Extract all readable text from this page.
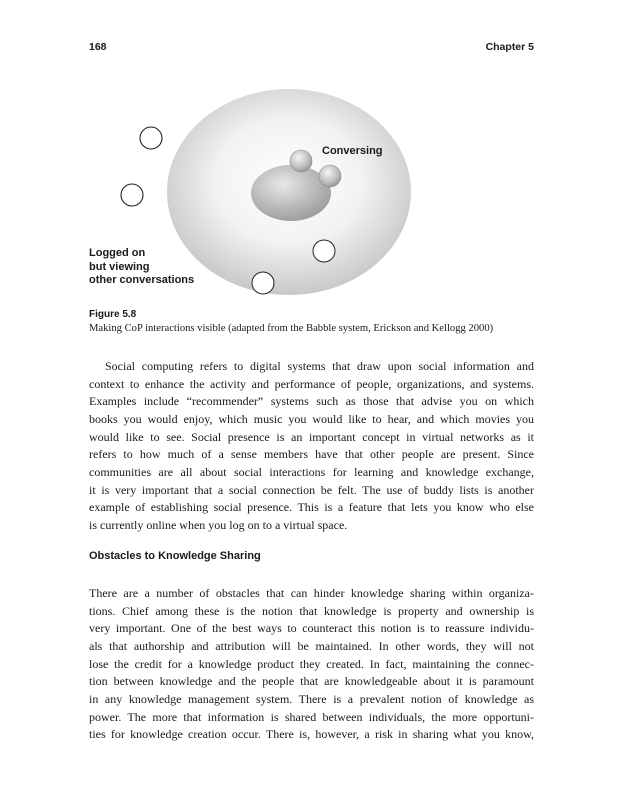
168	Chapter 5
Conversing
Logged on
but viewing
other conversations
Figure 5.8
Making CoP interactions visible (adapted from the Babble system, Erickson and Kellogg 2000)
Social computing refers to digital systems that draw upon social information and
context to enhance the activity and performance of people, organizations, and systems.
Examples include “recommender” systems such as those that advise you on which
books you would enjoy, which music you would like to hear, and which movies you
would like to see. Social presence is an important concept in virtual networks as it
refers to how much of a sense members have that other people are present. Since
communities are all about social interactions for learning and knowledge exchange,
it is very important that a social connection be felt. The use of buddy lists is another
example of establishing social presence. This is a feature that lets you know who else
is currently online when you log on to a virtual space.
Obstacles to Knowledge Sharing
There are a number of obstacles that can hinder knowledge sharing within organiza-
tions. Chief among these is the notion that knowledge is property and ownership is
very important. One of the best ways to counteract this notion is to reassure individu-
als that authorship and attribution will be maintained. In other words, they will not
lose the credit for a knowledge product they created. In fact, maintaining the connec-
tion between knowledge and the people that are knowledgeable about it is paramount
in any knowledge management system. There is a prevalent notion of knowledge as
power. The more that information is shared between individuals, the more opportuni-
ties for knowledge creation occur. There is, however, a risk in sharing what you know,
